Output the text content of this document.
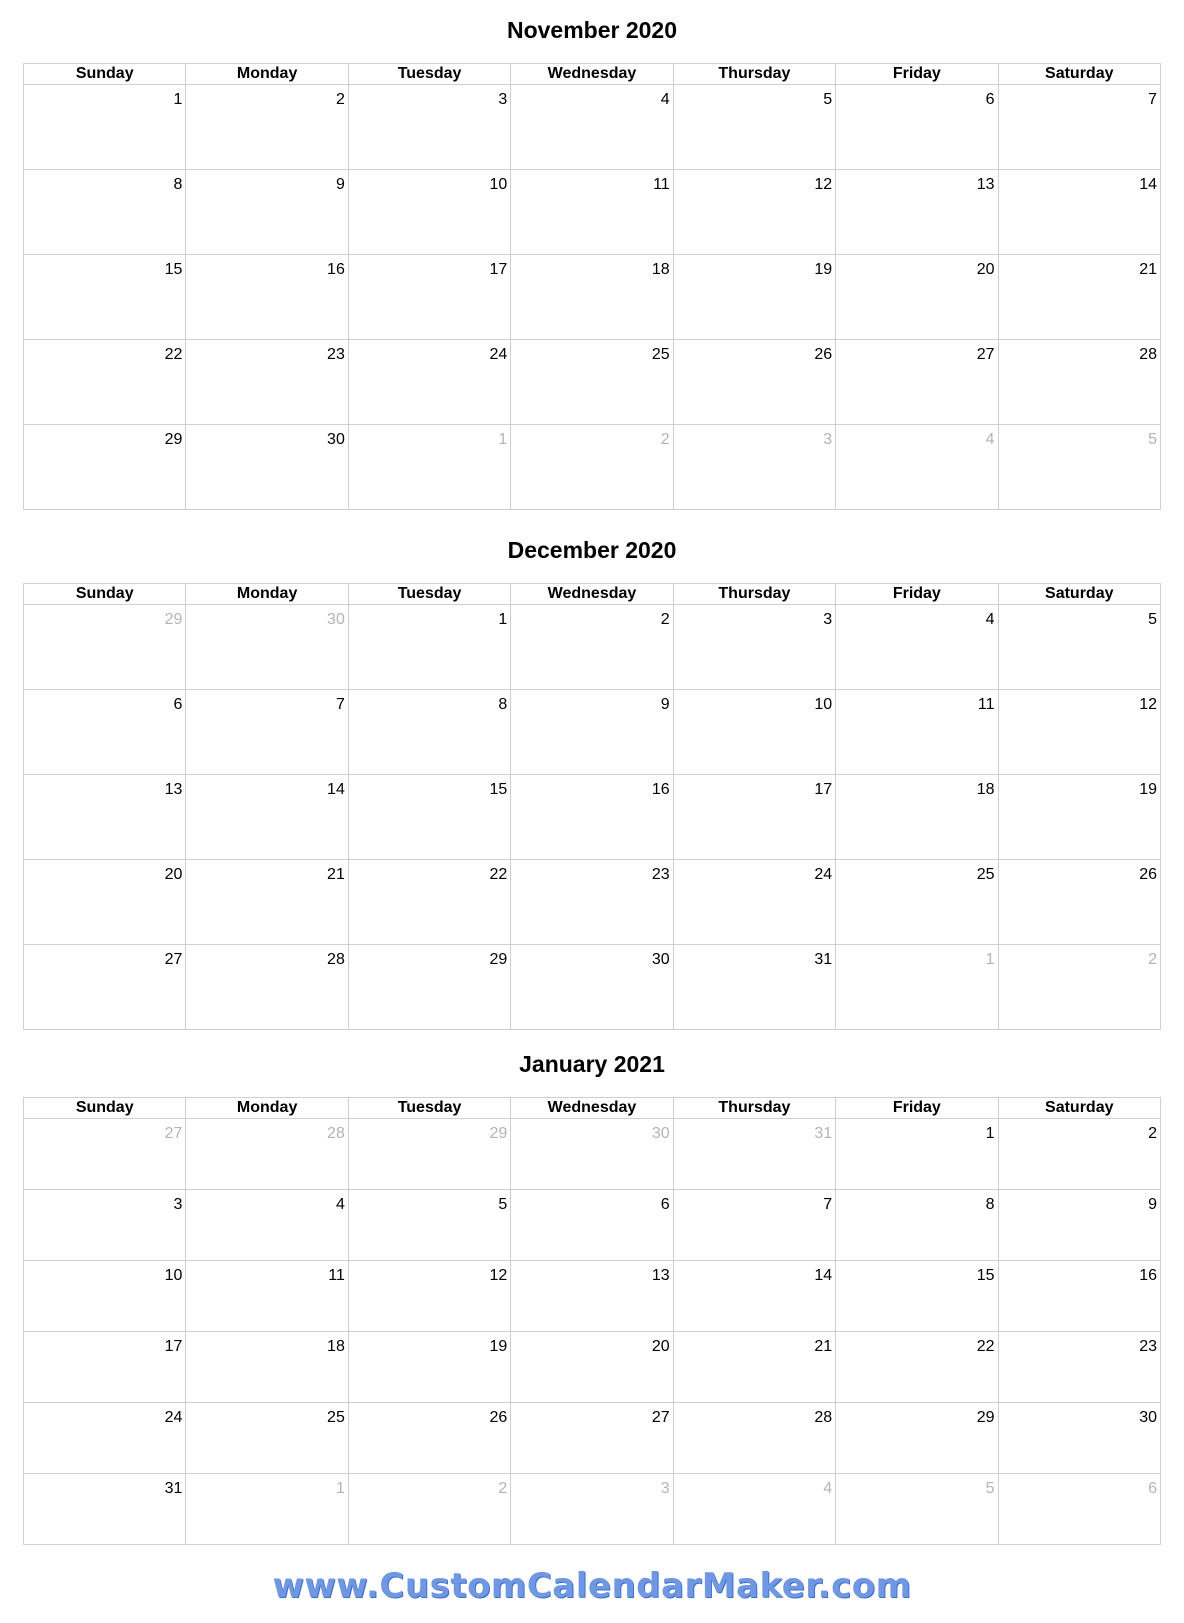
November 2020
Sunday	Monday	Tuesday	Wednesday	Thursday	Friday	Saturday

1	2	3	4	5	6	7

8	9	10	11	12	13	14

15	16	17	18	19	20	21

22	23	24	25	26	27	28

29	30	1	2	3	4	5
December 2020
Sunday	Monday	Tuesday	Wednesday	Thursday	Friday	Saturday

29	30	1	2	3	4	5

6	7	8	9	10	11	12

13	14	15	16	17	18	19

20	21	22	23	24	25	26

27	28	29	30	31	1	2
January 2021
Sunday	Monday	Tuesday	Wednesday	Thursday	Friday	Saturday

27	28	29	30	31	1	2

3	4	5	6	7	8	9

10	11	12	13	14	15	16

17	18	19	20	21	22	23

24	25	26	27	28	29	30

31	1	2	3	4	5	6
www.CustomCalendarMaker.com
